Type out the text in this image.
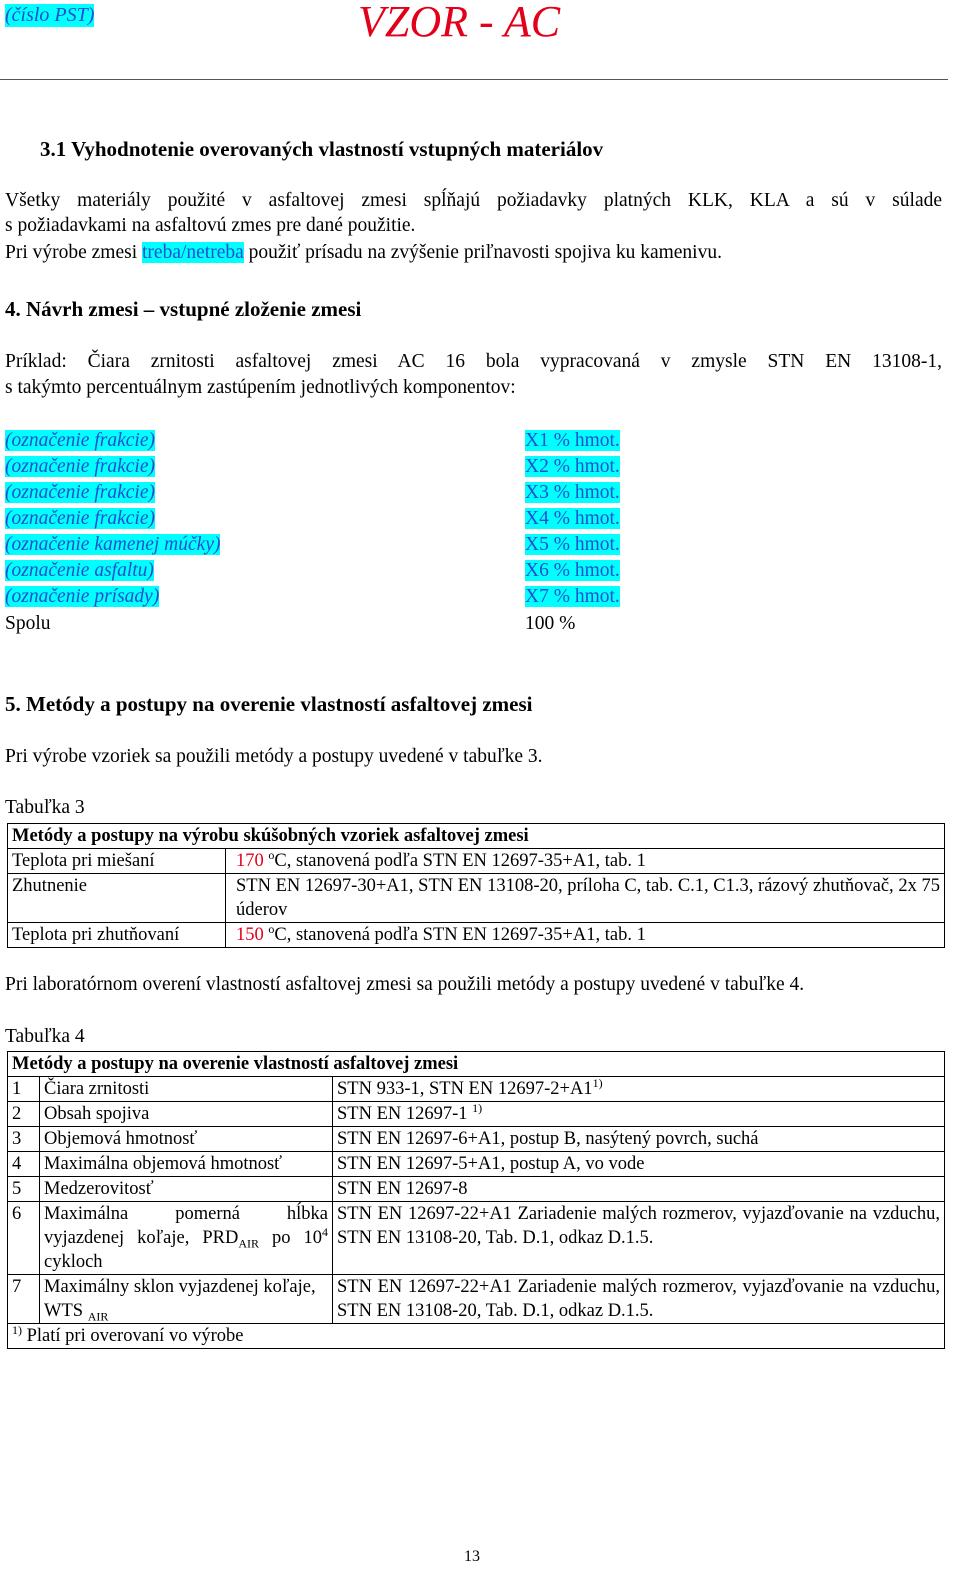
(číslo PST)	VZOR - AC
3.1 Vyhodnotenie overovaných vlastností vstupných materiálov
Všetky materiály použité v asfaltovej zmesi spĺňajú požiadavky platných KLK, KLA a sú v súlade
s požiadavkami na asfaltovú zmes pre dané použitie.
Pri výrobe zmesi treba/netreba použiť prísadu na zvýšenie priľnavosti spojiva ku kamenivu.
4. Návrh zmesi – vstupné zloženie zmesi
Príklad: Čiara zrnitosti asfaltovej zmesi AC 16 bola vypracovaná v zmysle STN EN 13108-1,
s takýmto percentuálnym zastúpením jednotlivých komponentov:
(označenie frakcie)	X1 % hmot.
(označenie frakcie)	X2 % hmot.
(označenie frakcie)	X3 % hmot.
(označenie frakcie)	X4 % hmot.
(označenie kamenej múčky)	X5 % hmot.
(označenie asfaltu)	X6 % hmot.
(označenie prísady)	X7 % hmot.
Spolu	100 %
5. Metódy a postupy na overenie vlastností asfaltovej zmesi
Pri výrobe vzoriek sa použili metódy a postupy uvedené v tabuľke 3.
Tabuľka 3
Metódy a postupy na výrobu skúšobných vzoriek asfaltovej zmesi	
Teplota pri miešaní	170 $^o$C, stanovená podľa STN EN 12697-35+A1, tab. 1
Zhutnenie	STN EN 12697-30+A1, STN EN 13108-20, príloha C, tab. C.1, C1.3, rázový zhutňovač, 2x 75 úderov
Teplota pri zhutňovaní	150 $^o$C, stanovená podľa STN EN 12697-35+A1, tab. 1
Pri laboratórnom overení vlastností asfaltovej zmesi sa použili metódy a postupy uvedené v tabuľke 4.
Tabuľka 4
Metódy a postupy na overenie vlastností asfaltovej zmesi		
1	Čiara zrnitosti	STN 933-1, STN EN $12697-2+A1^{1)}$
2	Obsah spojiva	STN EN 12697-1 $^{1)}$
3	Objemová hmotnosť	STN EN 12697-6+A1, postup B, nasýtený povrch, suchá
4	Maximálna objemová hmotnosť	STN EN 12697-5+A1, postup A, vo vode
5	Medzerovitosť	STN EN 12697-8
6	Maximálna pomerná hĺbka vyjazdenej koľaje, $PRD_{AIR}$ po $10^4$ cykloch	STN EN 12697-22+A1 Zariadenie malých rozmerov, vyjazďovanie na vzduchu, STN EN 13108-20, Tab. D.1, odkaz D.1.5.
7	Maximálny sklon vyjazdenej koľaje, WTS $_{AIR}$	STN EN 12697-22+A1 Zariadenie malých rozmerov, vyjazďovanie na vzduchu, STN EN 13108-20, Tab. D.1, odkaz D.1.5.
$^{1)}$ Platí pri overovaní vo výrobe		
13
